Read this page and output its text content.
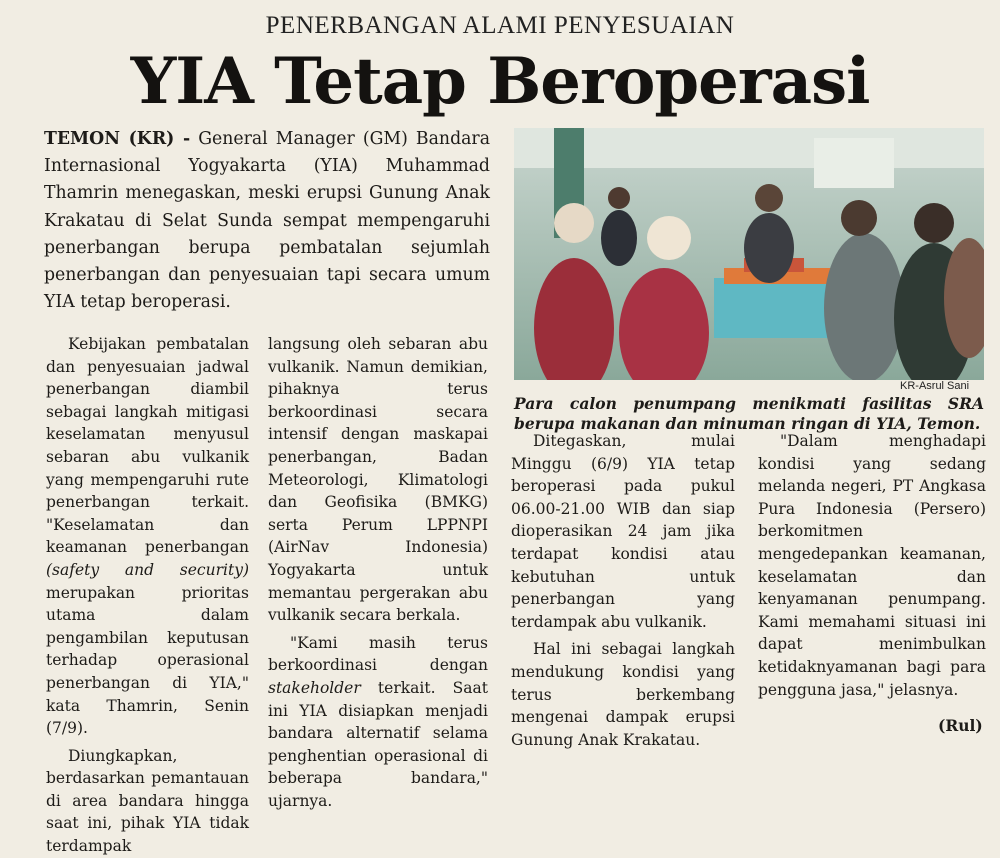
PENERBANGAN ALAMI PENYESUAIAN
YIA Tetap Beroperasi
TEMON (KR) - General Manager (GM) Bandara Internasional Yogyakarta (YIA) Muhammad Thamrin menegaskan, meski erupsi Gunung Anak Krakatau di Selat Sunda sempat mempengaruhi penerbangan berupa pembatalan sejumlah penerbangan dan penyesuaian tapi secara umum YIA tetap beroperasi.

Kebijakan pembatalan dan penyesuaian jadwal penerbangan diambil sebagai langkah mitigasi keselamatan menyusul sebaran abu vulkanik yang mempengaruhi rute penerbangan terkait. "Keselamatan dan keamanan penerbangan (safety and security) merupakan prioritas utama dalam pengambilan keputusan terhadap operasional penerbangan di YIA," kata Thamrin, Senin (7/9).

Diungkapkan, berdasarkan pemantauan di area bandara hingga saat ini, pihak YIA tidak terdampak

langsung oleh sebaran abu vulkanik. Namun demikian, pihaknya terus berkoordinasi secara intensif dengan maskapai penerbangan, Badan Meteorologi, Klimatologi dan Geofisika (BMKG) serta Perum LPPNPI (AirNav Indonesia) Yogyakarta untuk memantau pergerakan abu vulkanik secara berkala.

"Kami masih terus berkoordinasi dengan stakeholder terkait. Saat ini YIA disiapkan menjadi bandara alternatif selama penghentian operasional di beberapa bandara," ujarnya.

KR-Asrul Sani
Para calon penumpang menikmati fasilitas SRA berupa makanan dan minuman ringan di YIA, Temon.

Ditegaskan, mulai Minggu (6/9) YIA tetap beroperasi pada pukul 06.00-21.00 WIB dan siap dioperasikan 24 jam jika terdapat kondisi atau kebutuhan untuk penerbangan yang terdampak abu vulkanik.

Hal ini sebagai langkah mendukung kondisi yang terus berkembang mengenai dampak erupsi Gunung Anak Krakatau.

"Dalam menghadapi kondisi yang sedang melanda negeri, PT Angkasa Pura Indonesia (Persero) berkomitmen mengedepankan keamanan, keselamatan dan kenyamanan penumpang. Kami memahami situasi ini dapat menimbulkan ketidaknyamanan bagi para pengguna jasa," jelasnya.

(Rul)
